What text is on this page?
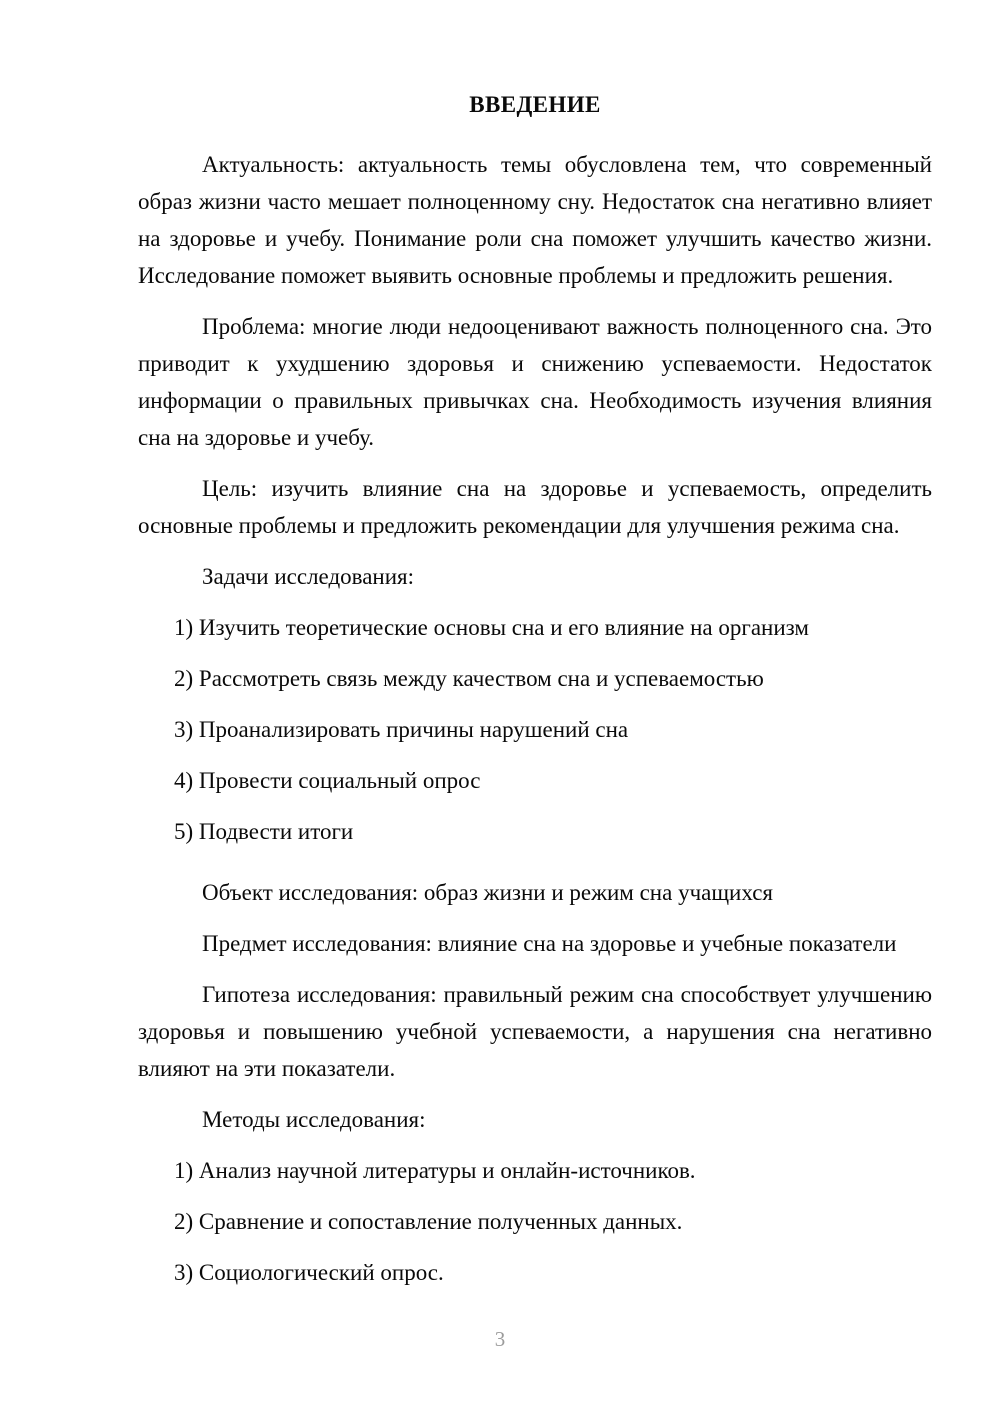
ВВЕДЕНИЕ

Актуальность: актуальность темы обусловлена тем, что современный образ жизни часто мешает полноценному сну. Недостаток сна негативно влияет на здоровье и учебу. Понимание роли сна поможет улучшить качество жизни. Исследование поможет выявить основные проблемы и предложить решения.

Проблема: многие люди недооценивают важность полноценного сна. Это приводит к ухудшению здоровья и снижению успеваемости. Недостаток информации о правильных привычках сна. Необходимость изучения влияния сна на здоровье и учебу.

Цель: изучить влияние сна на здоровье и успеваемость, определить основные проблемы и предложить рекомендации для улучшения режима сна.

Задачи исследования:

1) Изучить теоретические основы сна и его влияние на организм
2) Рассмотреть связь между качеством сна и успеваемостью
3) Проанализировать причины нарушений сна
4) Провести социальный опрос
5) Подвести итоги

Объект исследования: образ жизни и режим сна учащихся

Предмет исследования: влияние сна на здоровье и учебные показатели

Гипотеза исследования: правильный режим сна способствует улучшению здоровья и повышению учебной успеваемости, а нарушения сна негативно влияют на эти показатели.

Методы исследования:

1) Анализ научной литературы и онлайн-источников.
2) Сравнение и сопоставление полученных данных.
3) Социологический опрос.
3
